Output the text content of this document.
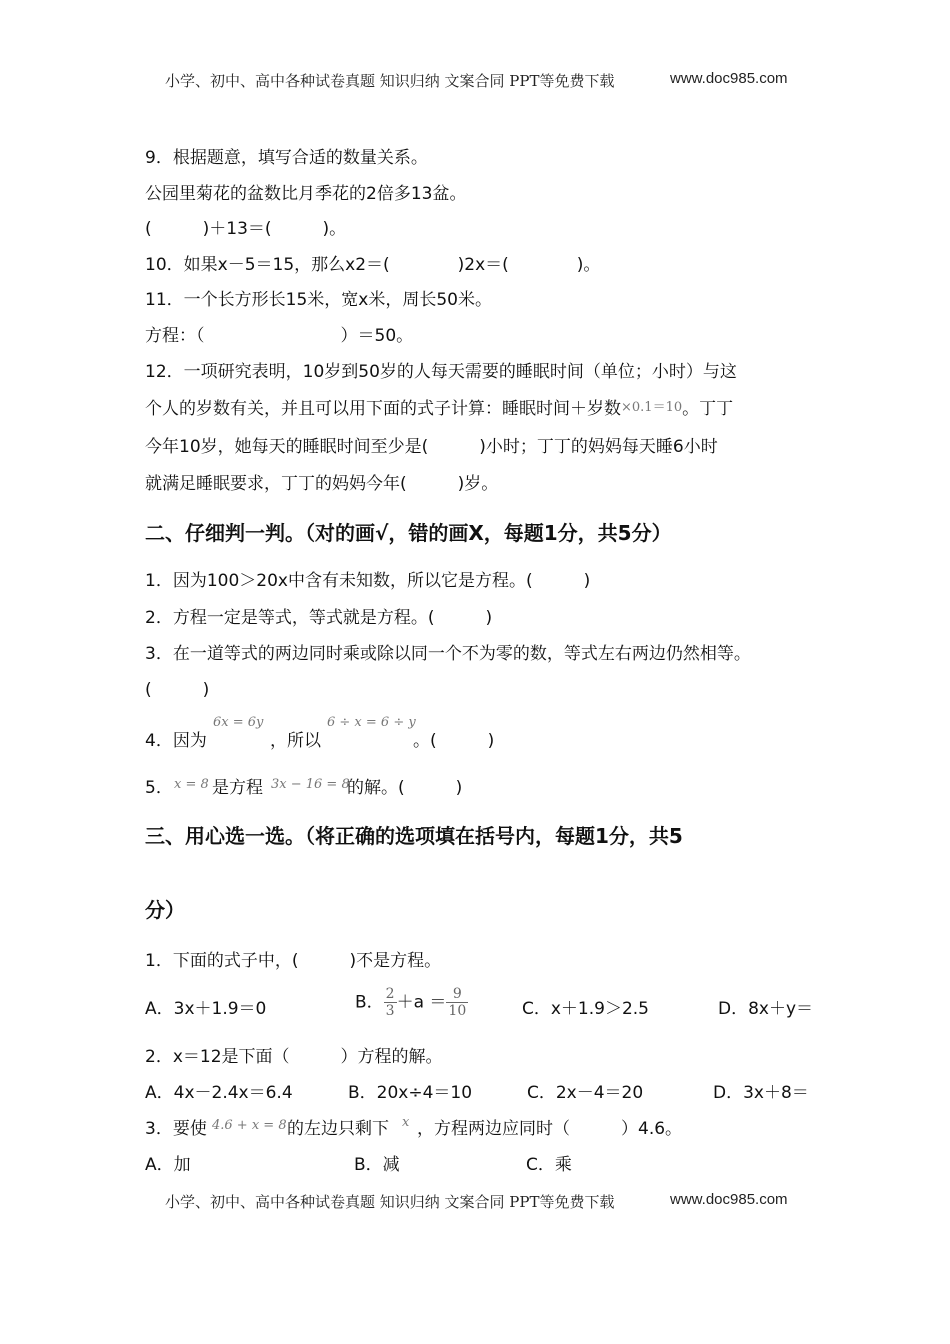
小学、初中、高中各种试卷真题 知识归纳 文案合同 PPT等免费下载	www.doc985.com
9．根据题意，填写合适的数量关系。
公园里菊花的盆数比月季花的2倍多13盆。
(　　　)＋13＝(　　　)。
10．如果x－5＝15，那么x2＝(　　　　)2x＝(　　　　)。
11．一个长方形长15米，宽x米，周长50米。
方程：（　　　　　　　　）＝50。
12．一项研究表明，10岁到50岁的人每天需要的睡眠时间（单位；小时）与这
个人的岁数有关，并且可以用下面的式子计算：睡眠时间＋岁数×0.1＝10。丁丁
今年10岁，她每天的睡眠时间至少是(　　　)小时；丁丁的妈妈每天睡6小时
就满足睡眠要求，丁丁的妈妈今年(　　　)岁。
二、仔细判一判。（对的画√，错的画X，每题1分，共5分）
1．因为100＞20x中含有未知数，所以它是方程。(　　　)
2．方程一定是等式，等式就是方程。(　　　)
3．在一道等式的两边同时乘或除以同一个不为零的数，等式左右两边仍然相等。
(　　　)
4．因为
6x = 6y
，所以
6 ÷ x = 6 ÷ y
。(　　　)
5． x = 8 是方程 3x − 16 = 8
的解。(　　　)
三、用心选一选。（将正确的选项填在括号内，每题1分，共5
分）
1．下面的式子中，(　　　)不是方程。
A．3x＋1.9＝0	B． $\frac{2}{3} +a = \frac{9}{10}$	C．x＋1.9＞2.5	D．8x＋y＝
2．x＝12是下面（　　　）方程的解。
A．4x－2.4x＝6.4	B．20x÷4＝10	C．2x－4＝20	D．3x＋8＝
3．要使 4.6 + x = 8 的左边只剩下 x ，方程两边应同时（　　　）4.6。
A．加	B．减	C．乘
小学、初中、高中各种试卷真题 知识归纳 文案合同 PPT等免费下载	www.doc985.com
